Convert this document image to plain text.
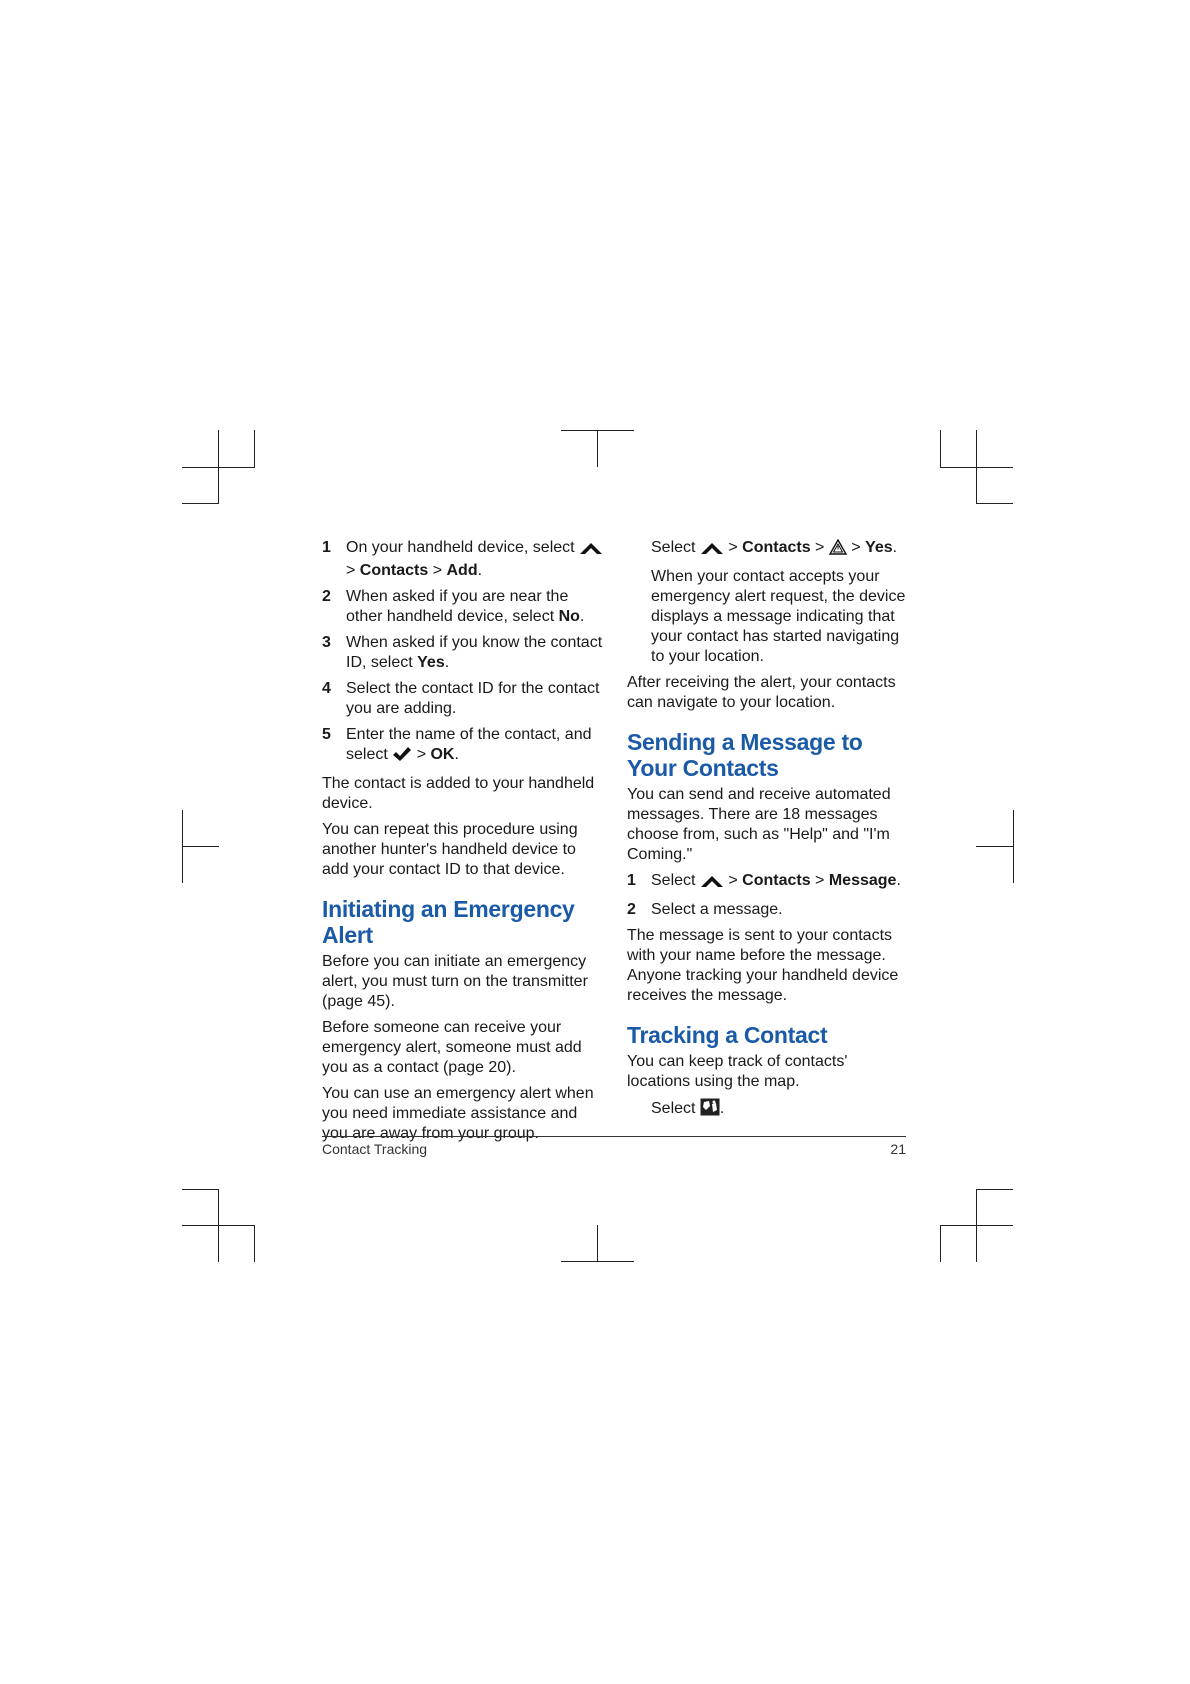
1 On your handheld device, select  > Contacts > Add.
2 When asked if you are near the other handheld device, select No.
3 When asked if you know the contact ID, select Yes.
4 Select the contact ID for the contact you are adding.
5 Enter the name of the contact, and select  > OK.

The contact is added to your handheld device.

You can repeat this procedure using another hunter's handheld device to add your contact ID to that device.

Initiating an Emergency Alert

Before you can initiate an emergency alert, you must turn on the transmitter (page 45).

Before someone can receive your emergency alert, someone must add you as a contact (page 20).

You can use an emergency alert when you need immediate assistance and you are away from your group.

Select  > Contacts >  > Yes.

When your contact accepts your emergency alert request, the device displays a message indicating that your contact has started navigating to your location.

After receiving the alert, your contacts can navigate to your location.

Sending a Message to Your Contacts

You can send and receive automated messages. There are 18 messages choose from, such as "Help" and "I'm Coming."

1 Select  > Contacts > Message.
2 Select a message.

The message is sent to your contacts with your name before the message. Anyone tracking your handheld device receives the message.

Tracking a Contact

You can keep track of contacts' locations using the map.

Select .

Contact Tracking	21
